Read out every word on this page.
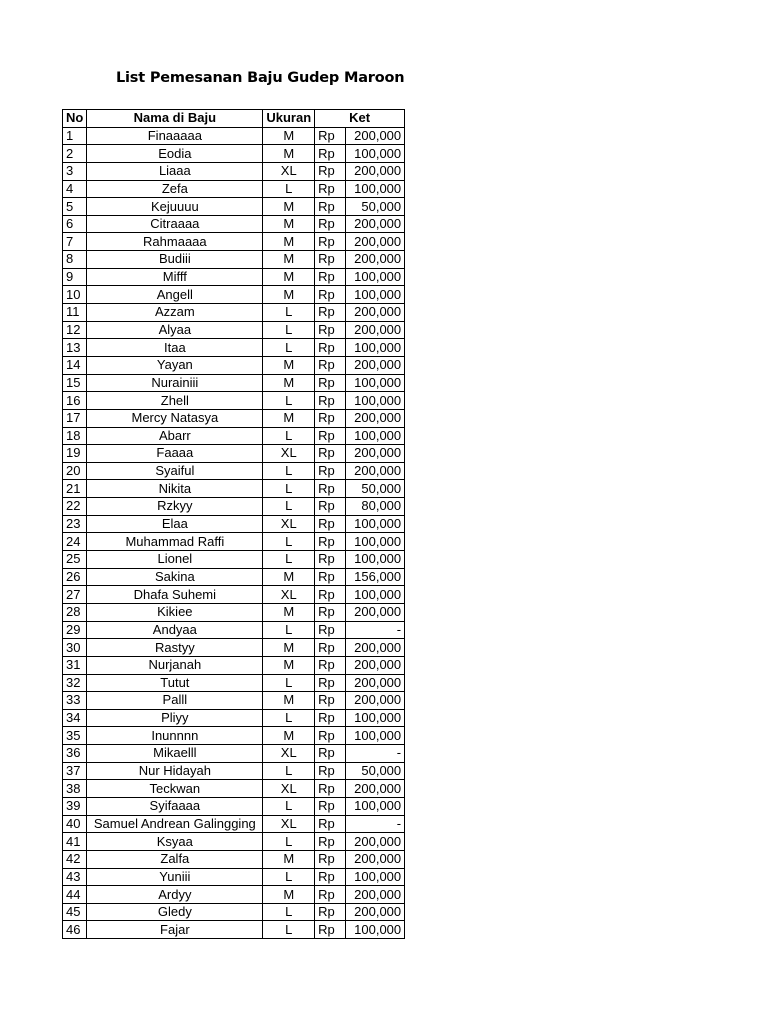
List Pemesanan Baju Gudep Maroon
No	Nama di Baju	Ukuran	Ket	
1	Finaaaaa	M	Rp	200,000
2	Eodia	M	Rp	100,000
3	Liaaa	XL	Rp	200,000
4	Zefa	L	Rp	100,000
5	Kejuuuu	M	Rp	50,000
6	Citraaaa	M	Rp	200,000
7	Rahmaaaa	M	Rp	200,000
8	Budiii	M	Rp	200,000
9	Mifff	M	Rp	100,000
10	Angell	M	Rp	100,000
11	Azzam	L	Rp	200,000
12	Alyaa	L	Rp	200,000
13	Itaa	L	Rp	100,000
14	Yayan	M	Rp	200,000
15	Nurainiii	M	Rp	100,000
16	Zhell	L	Rp	100,000
17	Mercy Natasya	M	Rp	200,000
18	Abarr	L	Rp	100,000
19	Faaaa	XL	Rp	200,000
20	Syaiful	L	Rp	200,000
21	Nikita	L	Rp	50,000
22	Rzkyy	L	Rp	80,000
23	Elaa	XL	Rp	100,000
24	Muhammad Raffi	L	Rp	100,000
25	Lionel	L	Rp	100,000
26	Sakina	M	Rp	156,000
27	Dhafa Suhemi	XL	Rp	100,000
28	Kikiee	M	Rp	200,000
29	Andyaa	L	Rp	-
30	Rastyy	M	Rp	200,000
31	Nurjanah	M	Rp	200,000
32	Tutut	L	Rp	200,000
33	Palll	M	Rp	200,000
34	Pliyy	L	Rp	100,000
35	Inunnnn	M	Rp	100,000
36	Mikaelll	XL	Rp	-
37	Nur Hidayah	L	Rp	50,000
38	Teckwan	XL	Rp	200,000
39	Syifaaaa	L	Rp	100,000
40	Samuel Andrean Galingging	XL	Rp	-
41	Ksyaa	L	Rp	200,000
42	Zalfa	M	Rp	200,000
43	Yuniii	L	Rp	100,000
44	Ardyy	M	Rp	200,000
45	Gledy	L	Rp	200,000
46	Fajar	L	Rp	100,000
